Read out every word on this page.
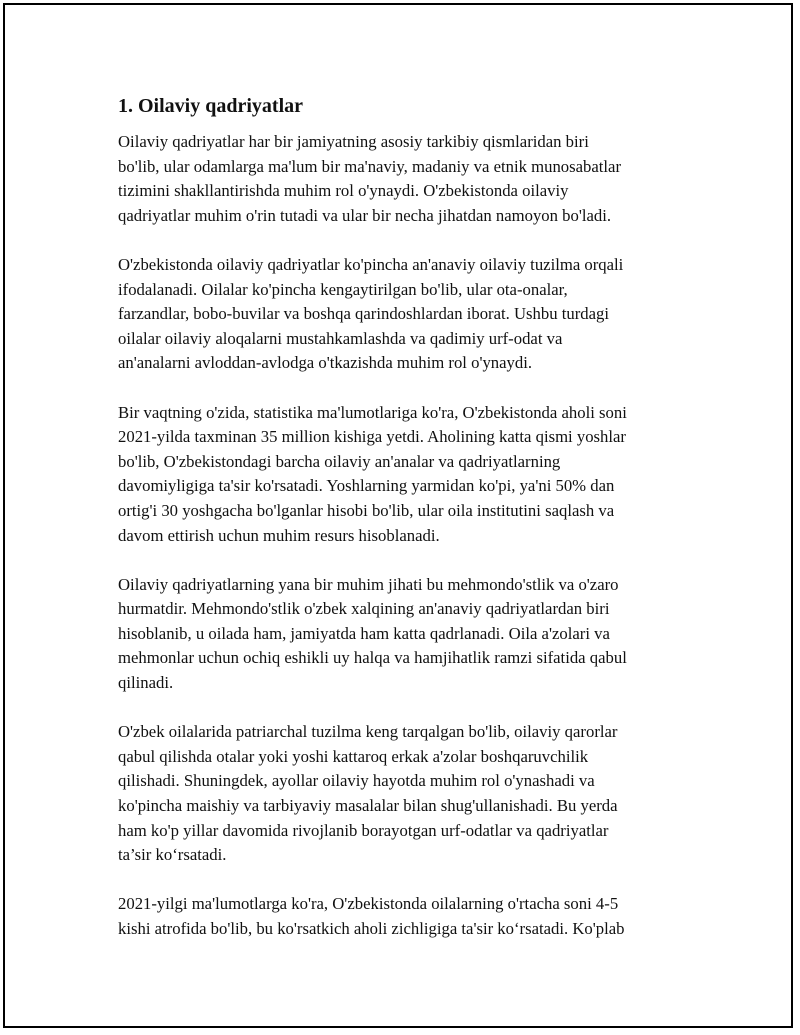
1. Oilaviy qadriyatlar
Oilaviy qadriyatlar har bir jamiyatning asosiy tarkibiy qismlaridan biri
bo'lib, ular odamlarga ma'lum bir ma'naviy, madaniy va etnik munosabatlar
tizimini shakllantirishda muhim rol o'ynaydi. O'zbekistonda oilaviy
qadriyatlar muhim o'rin tutadi va ular bir necha jihatdan namoyon bo'ladi.
O'zbekistonda oilaviy qadriyatlar ko'pincha an'anaviy oilaviy tuzilma orqali
ifodalanadi. Oilalar ko'pincha kengaytirilgan bo'lib, ular ota-onalar,
farzandlar, bobo-buvilar va boshqa qarindoshlardan iborat. Ushbu turdagi
oilalar oilaviy aloqalarni mustahkamlashda va qadimiy urf-odat va
an'analarni avloddan-avlodga o'tkazishda muhim rol o'ynaydi.
Bir vaqtning o'zida, statistika ma'lumotlariga ko'ra, O'zbekistonda aholi soni
2021-yilda taxminan 35 million kishiga yetdi. Aholining katta qismi yoshlar
bo'lib, O'zbekistondagi barcha oilaviy an'analar va qadriyatlarning
davomiyligiga ta'sir ko'rsatadi. Yoshlarning yarmidan ko'pi, ya'ni 50% dan
ortig'i 30 yoshgacha bo'lganlar hisobi bo'lib, ular oila institutini saqlash va
davom ettirish uchun muhim resurs hisoblanadi.
Oilaviy qadriyatlarning yana bir muhim jihati bu mehmondo'stlik va o'zaro
hurmatdir. Mehmondo'stlik o'zbek xalqining an'anaviy qadriyatlardan biri
hisoblanib, u oilada ham, jamiyatda ham katta qadrlanadi. Oila a'zolari va
mehmonlar uchun ochiq eshikli uy halqa va hamjihatlik ramzi sifatida qabul
qilinadi.
O'zbek oilalarida patriarchal tuzilma keng tarqalgan bo'lib, oilaviy qarorlar
qabul qilishda otalar yoki yoshi kattaroq erkak a'zolar boshqaruvchilik
qilishadi. Shuningdek, ayollar oilaviy hayotda muhim rol o'ynashadi va
ko'pincha maishiy va tarbiyaviy masalalar bilan shug'ullanishadi. Bu yerda
ham ko'p yillar davomida rivojlanib borayotgan urf-odatlar va qadriyatlar
ta’sir ko‘rsatadi.
2021-yilgi ma'lumotlarga ko'ra, O'zbekistonda oilalarning o'rtacha soni 4-5
kishi atrofida bo'lib, bu ko'rsatkich aholi zichligiga ta'sir ko‘rsatadi. Ko'plab
